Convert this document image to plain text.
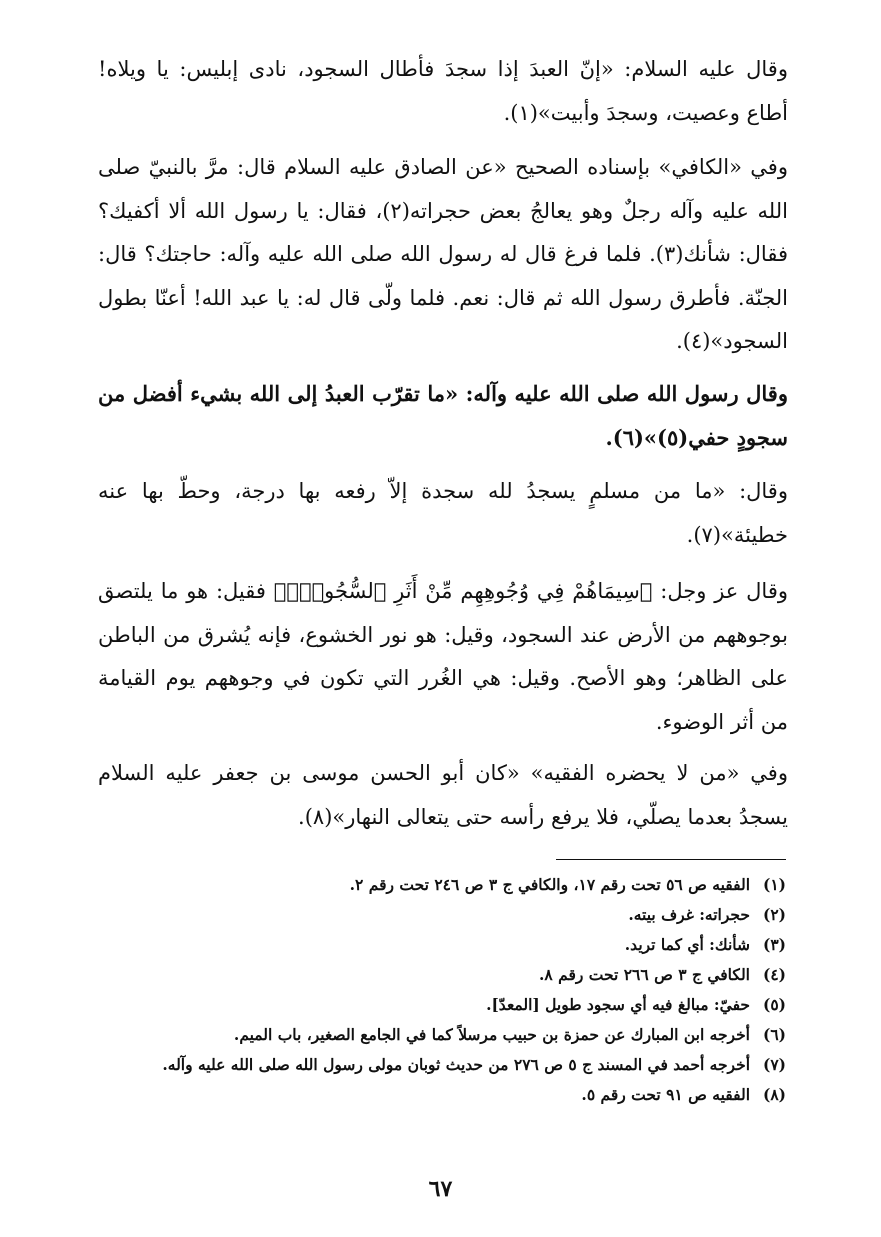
وقال عليه السلام: «إنّ العبدَ إذا سجدَ فأطال السجود، نادى إبليس: يا ويلاه! أطاع وعصيت، وسجدَ وأبيت»(١).

وفي «الكافي» بإسناده الصحيح «عن الصادق عليه السلام قال: مرَّ بالنبيّ صلى الله عليه وآله رجلٌ وهو يعالجُ بعض حجراته(٢)، فقال: يا رسول الله ألا أكفيك؟ فقال: شأنك(٣). فلما فرغ قال له رسول الله صلى الله عليه وآله: حاجتك؟ قال: الجنّة. فأطرق رسول الله ثم قال: نعم. فلما ولّى قال له: يا عبد الله! أعنّا بطول السجود»(٤).

وقال رسول الله صلى الله عليه وآله: «ما تقرّب العبدُ إلى الله بشيء أفضل من سجودٍ حفي(٥)»(٦).

وقال: «ما من مسلمٍ يسجدُ لله سجدة إلاّ رفعه بها درجة، وحطّ بها عنه خطيئة»(٧).

وقال عز وجل: ﴿سِيمَاهُمْ فِي وُجُوهِهِم مِّنْ أَثَرِ ٱلسُّجُودِۚ﴾ فقيل: هو ما يلتصق بوجوههم من الأرض عند السجود، وقيل: هو نور الخشوع، فإنه يُشرق من الباطن على الظاهر؛ وهو الأصح. وقيل: هي الغُرر التي تكون في وجوههم يوم القيامة من أثر الوضوء.

وفي «من لا يحضره الفقيه» «كان أبو الحسن موسى بن جعفر عليه السلام يسجدُ بعدما يصلّي، فلا يرفع رأسه حتى يتعالى النهار»(٨).

(١)الفقيه ص ٥٦ تحت رقم ١٧، والكافي ج ٣ ص ٢٤٦ تحت رقم ٢.
(٢)حجراته: غرف بيته.
(٣)شأنك: أي كما تريد.
(٤)الكافي ج ٣ ص ٢٦٦ تحت رقم ٨.
(٥)حفيّ: مبالغ فيه أي سجود طويل [المعدّ].
(٦)أخرجه ابن المبارك عن حمزة بن حبيب مرسلاً كما في الجامع الصغير، باب الميم.
(٧)أخرجه أحمد في المسند ج ٥ ص ٢٧٦ من حديث ثوبان مولى رسول الله صلى الله عليه وآله.
(٨)الفقيه ص ٩١ تحت رقم ٥.
٦٧
